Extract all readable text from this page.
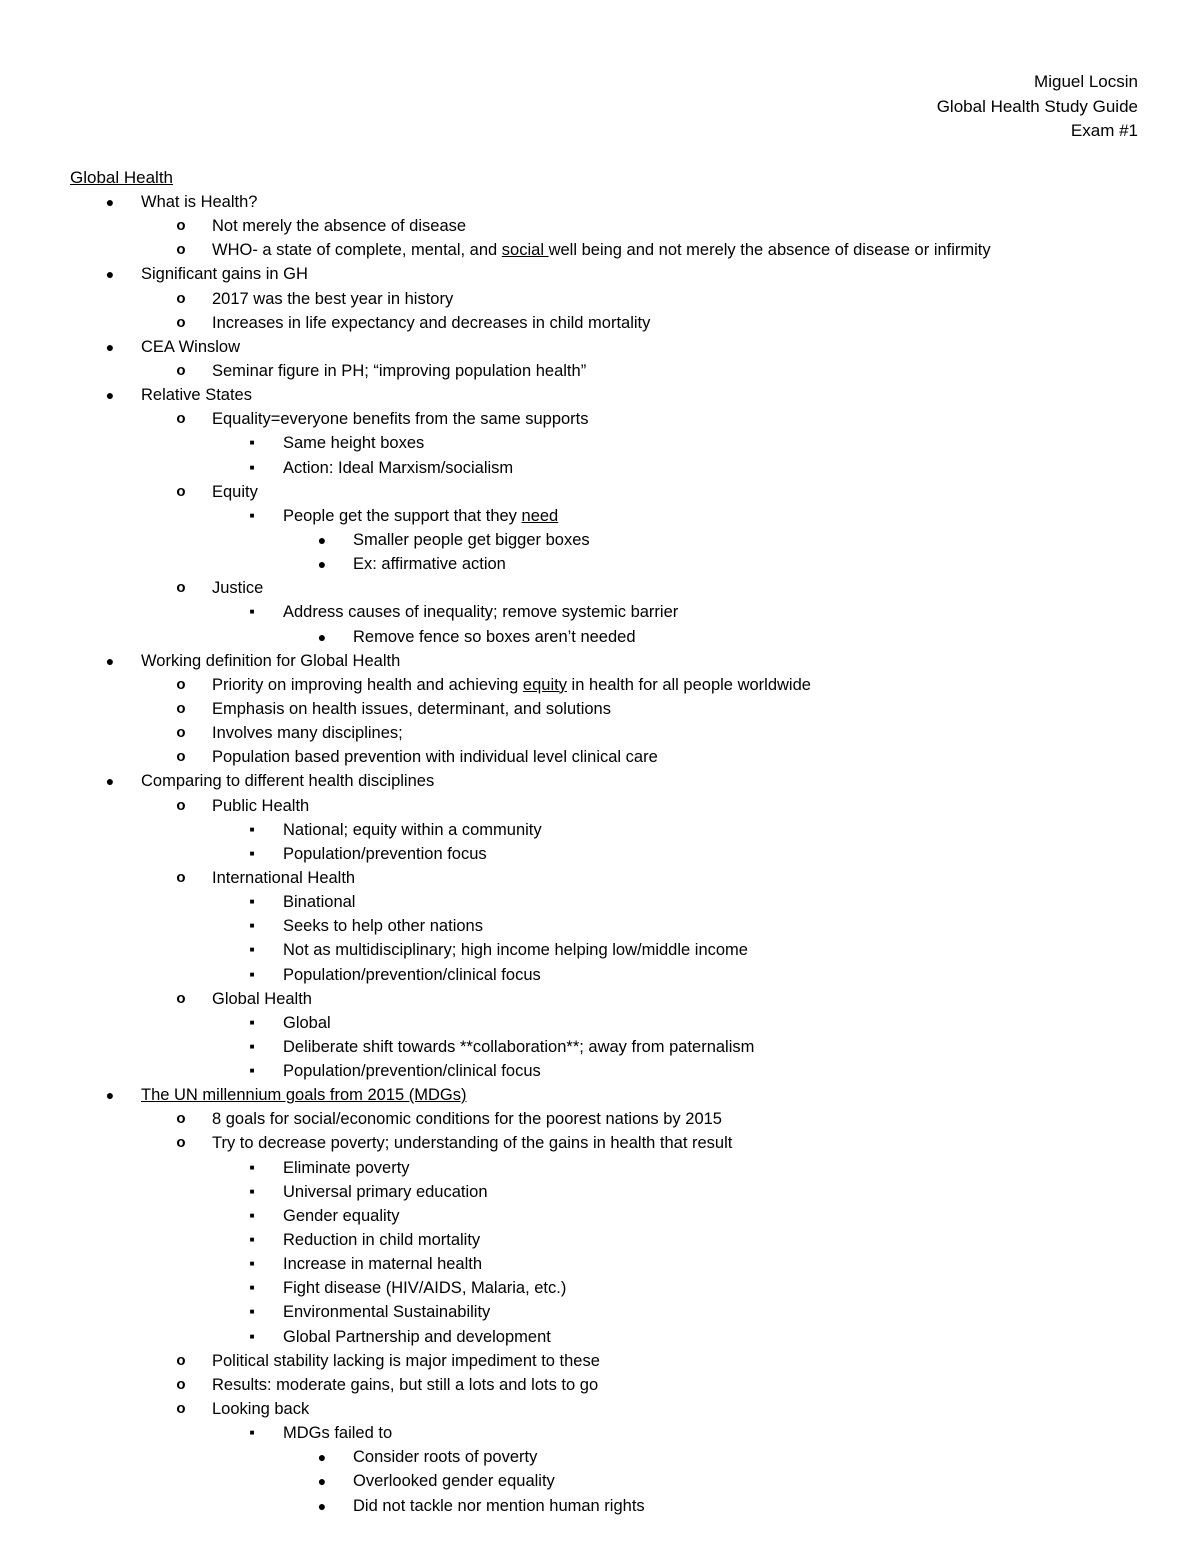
Miguel Locsin
Global Health Study Guide
Exam #1
Global Health
●	What is Health?
o	Not merely the absence of disease
o	WHO- a state of complete, mental, and social well being and not merely the absence of disease or infirmity
●	Significant gains in GH
o	2017 was the best year in history
o	Increases in life expectancy and decreases in child mortality
●	CEA Winslow
o	Seminar figure in PH; “improving population health”
●	Relative States
o	Equality=everyone benefits from the same supports
■	Same height boxes
■	Action: Ideal Marxism/socialism
o	Equity
■	People get the support that they need
●	Smaller people get bigger boxes
●	Ex: affirmative action
o	Justice
■	Address causes of inequality; remove systemic barrier
●	Remove fence so boxes aren’t needed
●	Working definition for Global Health
o	Priority on improving health and achieving equity in health for all people worldwide
o	Emphasis on health issues, determinant, and solutions
o	Involves many disciplines;
o	Population based prevention with individual level clinical care
●	Comparing to different health disciplines
o	Public Health
■	National; equity within a community
■	Population/prevention focus
o	International Health
■	Binational
■	Seeks to help other nations
■	Not as multidisciplinary; high income helping low/middle income
■	Population/prevention/clinical focus
o	Global Health
■	Global
■	Deliberate shift towards **collaboration**; away from paternalism
■	Population/prevention/clinical focus
●	The UN millennium goals from 2015 (MDGs)
o	8 goals for social/economic conditions for the poorest nations by 2015
o	Try to decrease poverty; understanding of the gains in health that result
■	Eliminate poverty
■	Universal primary education
■	Gender equality
■	Reduction in child mortality
■	Increase in maternal health
■	Fight disease (HIV/AIDS, Malaria, etc.)
■	Environmental Sustainability
■	Global Partnership and development
o	Political stability lacking is major impediment to these
o	Results: moderate gains, but still a lots and lots to go
o	Looking back
■	MDGs failed to
●	Consider roots of poverty
●	Overlooked gender equality
●	Did not tackle nor mention human rights
